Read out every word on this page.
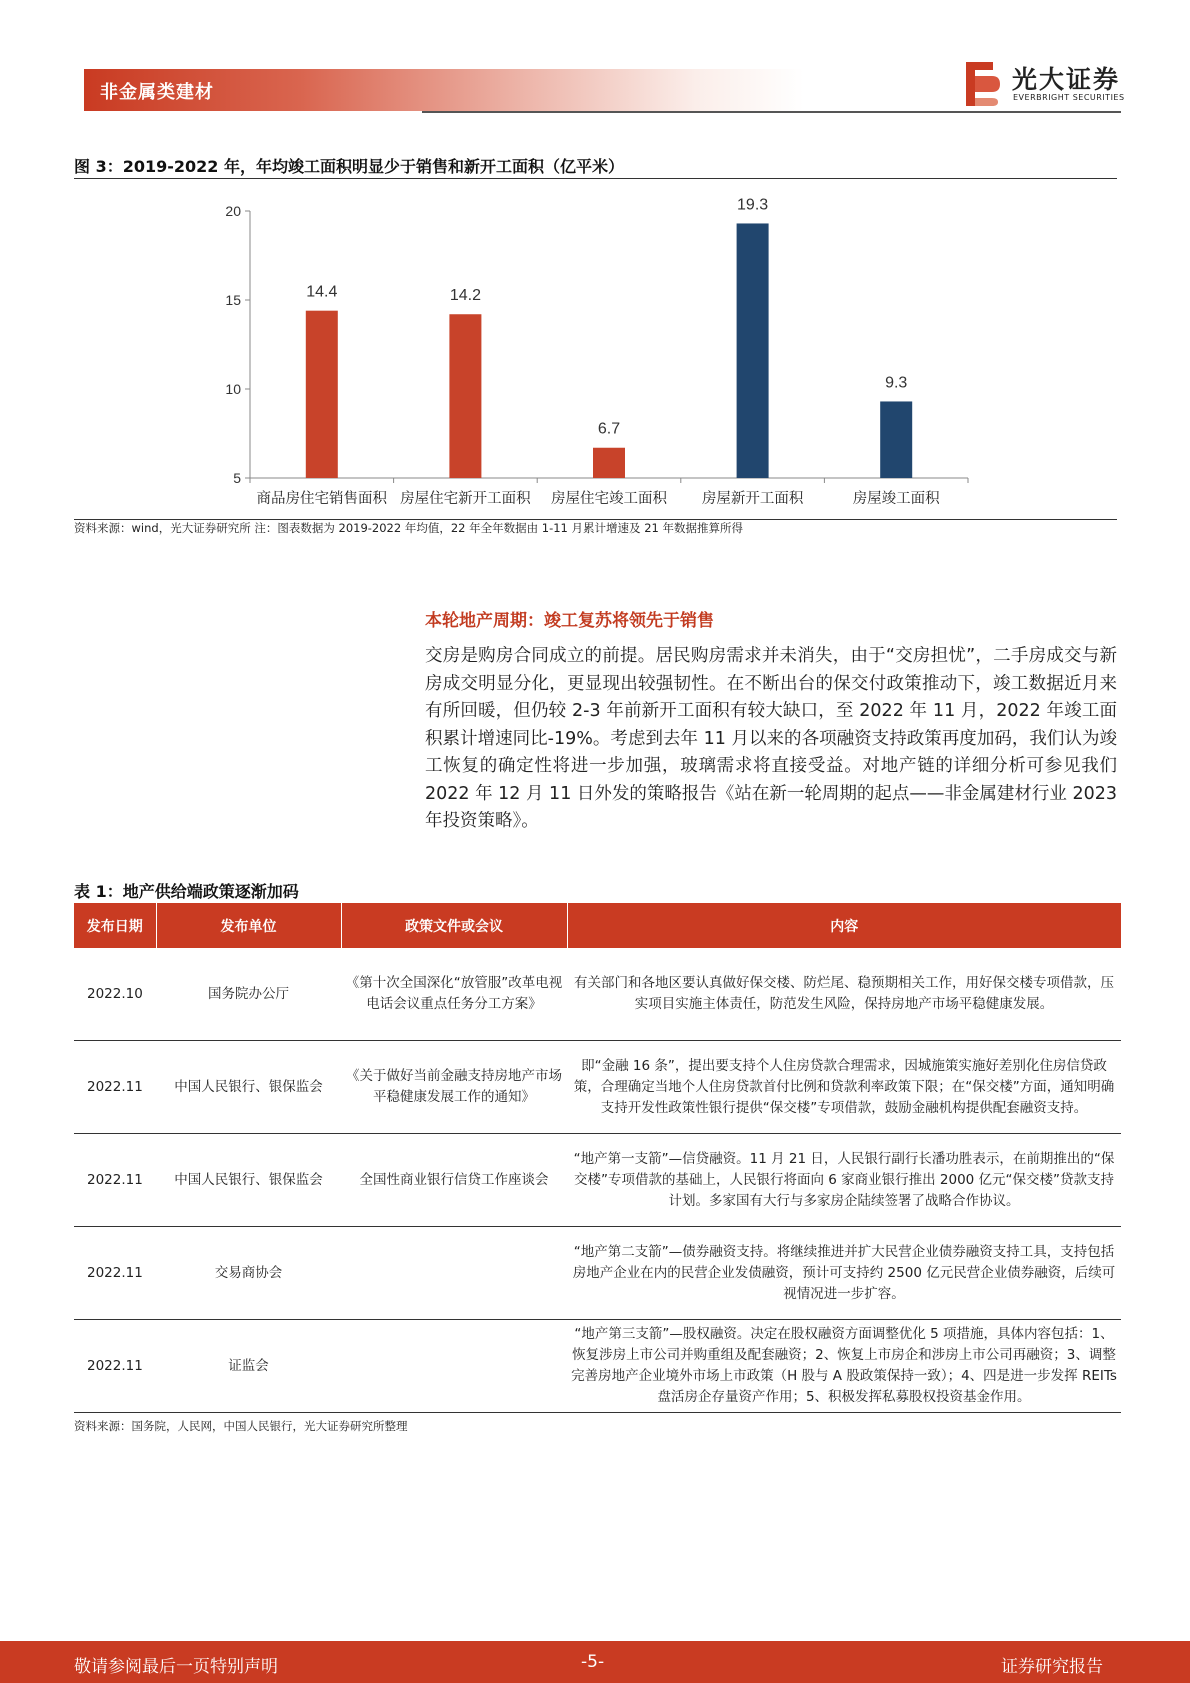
非金属类建材	光大证券
EVERBRIGHT SECURITIES
图 3：2019-2022 年，年均竣工面积明显少于销售和新开工面积（亿平米）
5
10
15
20
14.4
商品房住宅销售面积
14.2
房屋住宅新开工面积
6.7
房屋住宅竣工面积
19.3
房屋新开工面积
9.3
房屋竣工面积
资料来源：wind，光大证券研究所 注：图表数据为 2019-2022 年均值，22 年全年数据由 1-11 月累计增速及 21 年数据推算所得
本轮地产周期：竣工复苏将领先于销售

交房是购房合同成立的前提。居民购房需求并未消失，由于“交房担忧”，二手房成交与新房成交明显分化，更显现出较强韧性。在不断出台的保交付政策推动下，竣工数据近月来有所回暖，但仍较 2-3 年前新开工面积有较大缺口，至 2022 年 11 月，2022 年竣工面积累计增速同比-19%。考虑到去年 11 月以来的各项融资支持政策再度加码，我们认为竣工恢复的确定性将进一步加强，玻璃需求将直接受益。对地产链的详细分析可参见我们 2022 年 12 月 11 日外发的策略报告《站在新一轮周期的起点——非金属建材行业 2023 年投资策略》。

表 1：地产供给端政策逐渐加码
发布日期	发布单位	政策文件或会议	内容
2022.10	国务院办公厅	《第十次全国深化“放管服”改革电视电话会议重点任务分工方案》	有关部门和各地区要认真做好保交楼、防烂尾、稳预期相关工作，用好保交楼专项借款，压实项目实施主体责任，防范发生风险，保持房地产市场平稳健康发展。
2022.11	中国人民银行、银保监会	《关于做好当前金融支持房地产市场平稳健康发展工作的通知》	即“金融 16 条”，提出要支持个人住房贷款合理需求，因城施策实施好差别化住房信贷政策，合理确定当地个人住房贷款首付比例和贷款利率政策下限；在“保交楼”方面，通知明确支持开发性政策性银行提供“保交楼”专项借款，鼓励金融机构提供配套融资支持。
2022.11	中国人民银行、银保监会	全国性商业银行信贷工作座谈会	“地产第一支箭”—信贷融资。11 月 21 日，人民银行副行长潘功胜表示，在前期推出的“保交楼”专项借款的基础上，人民银行将面向 6 家商业银行推出 2000 亿元“保交楼”贷款支持计划。多家国有大行与多家房企陆续签署了战略合作协议。
2022.11	交易商协会		“地产第二支箭”—债券融资支持。将继续推进并扩大民营企业债券融资支持工具，支持包括房地产企业在内的民营企业发债融资，预计可支持约 2500 亿元民营企业债券融资，后续可视情况进一步扩容。
2022.11	证监会		“地产第三支箭”—股权融资。决定在股权融资方面调整优化 5 项措施，具体内容包括：1、恢复涉房上市公司并购重组及配套融资；2、恢复上市房企和涉房上市公司再融资；3、调整完善房地产企业境外市场上市政策（H 股与 A 股政策保持一致）；4、四是进一步发挥 REITs 盘活房企存量资产作用；5、积极发挥私募股权投资基金作用。
资料来源：国务院，人民网，中国人民银行，光大证券研究所整理
敬请参阅最后一页特别声明	-5-	证券研究报告
